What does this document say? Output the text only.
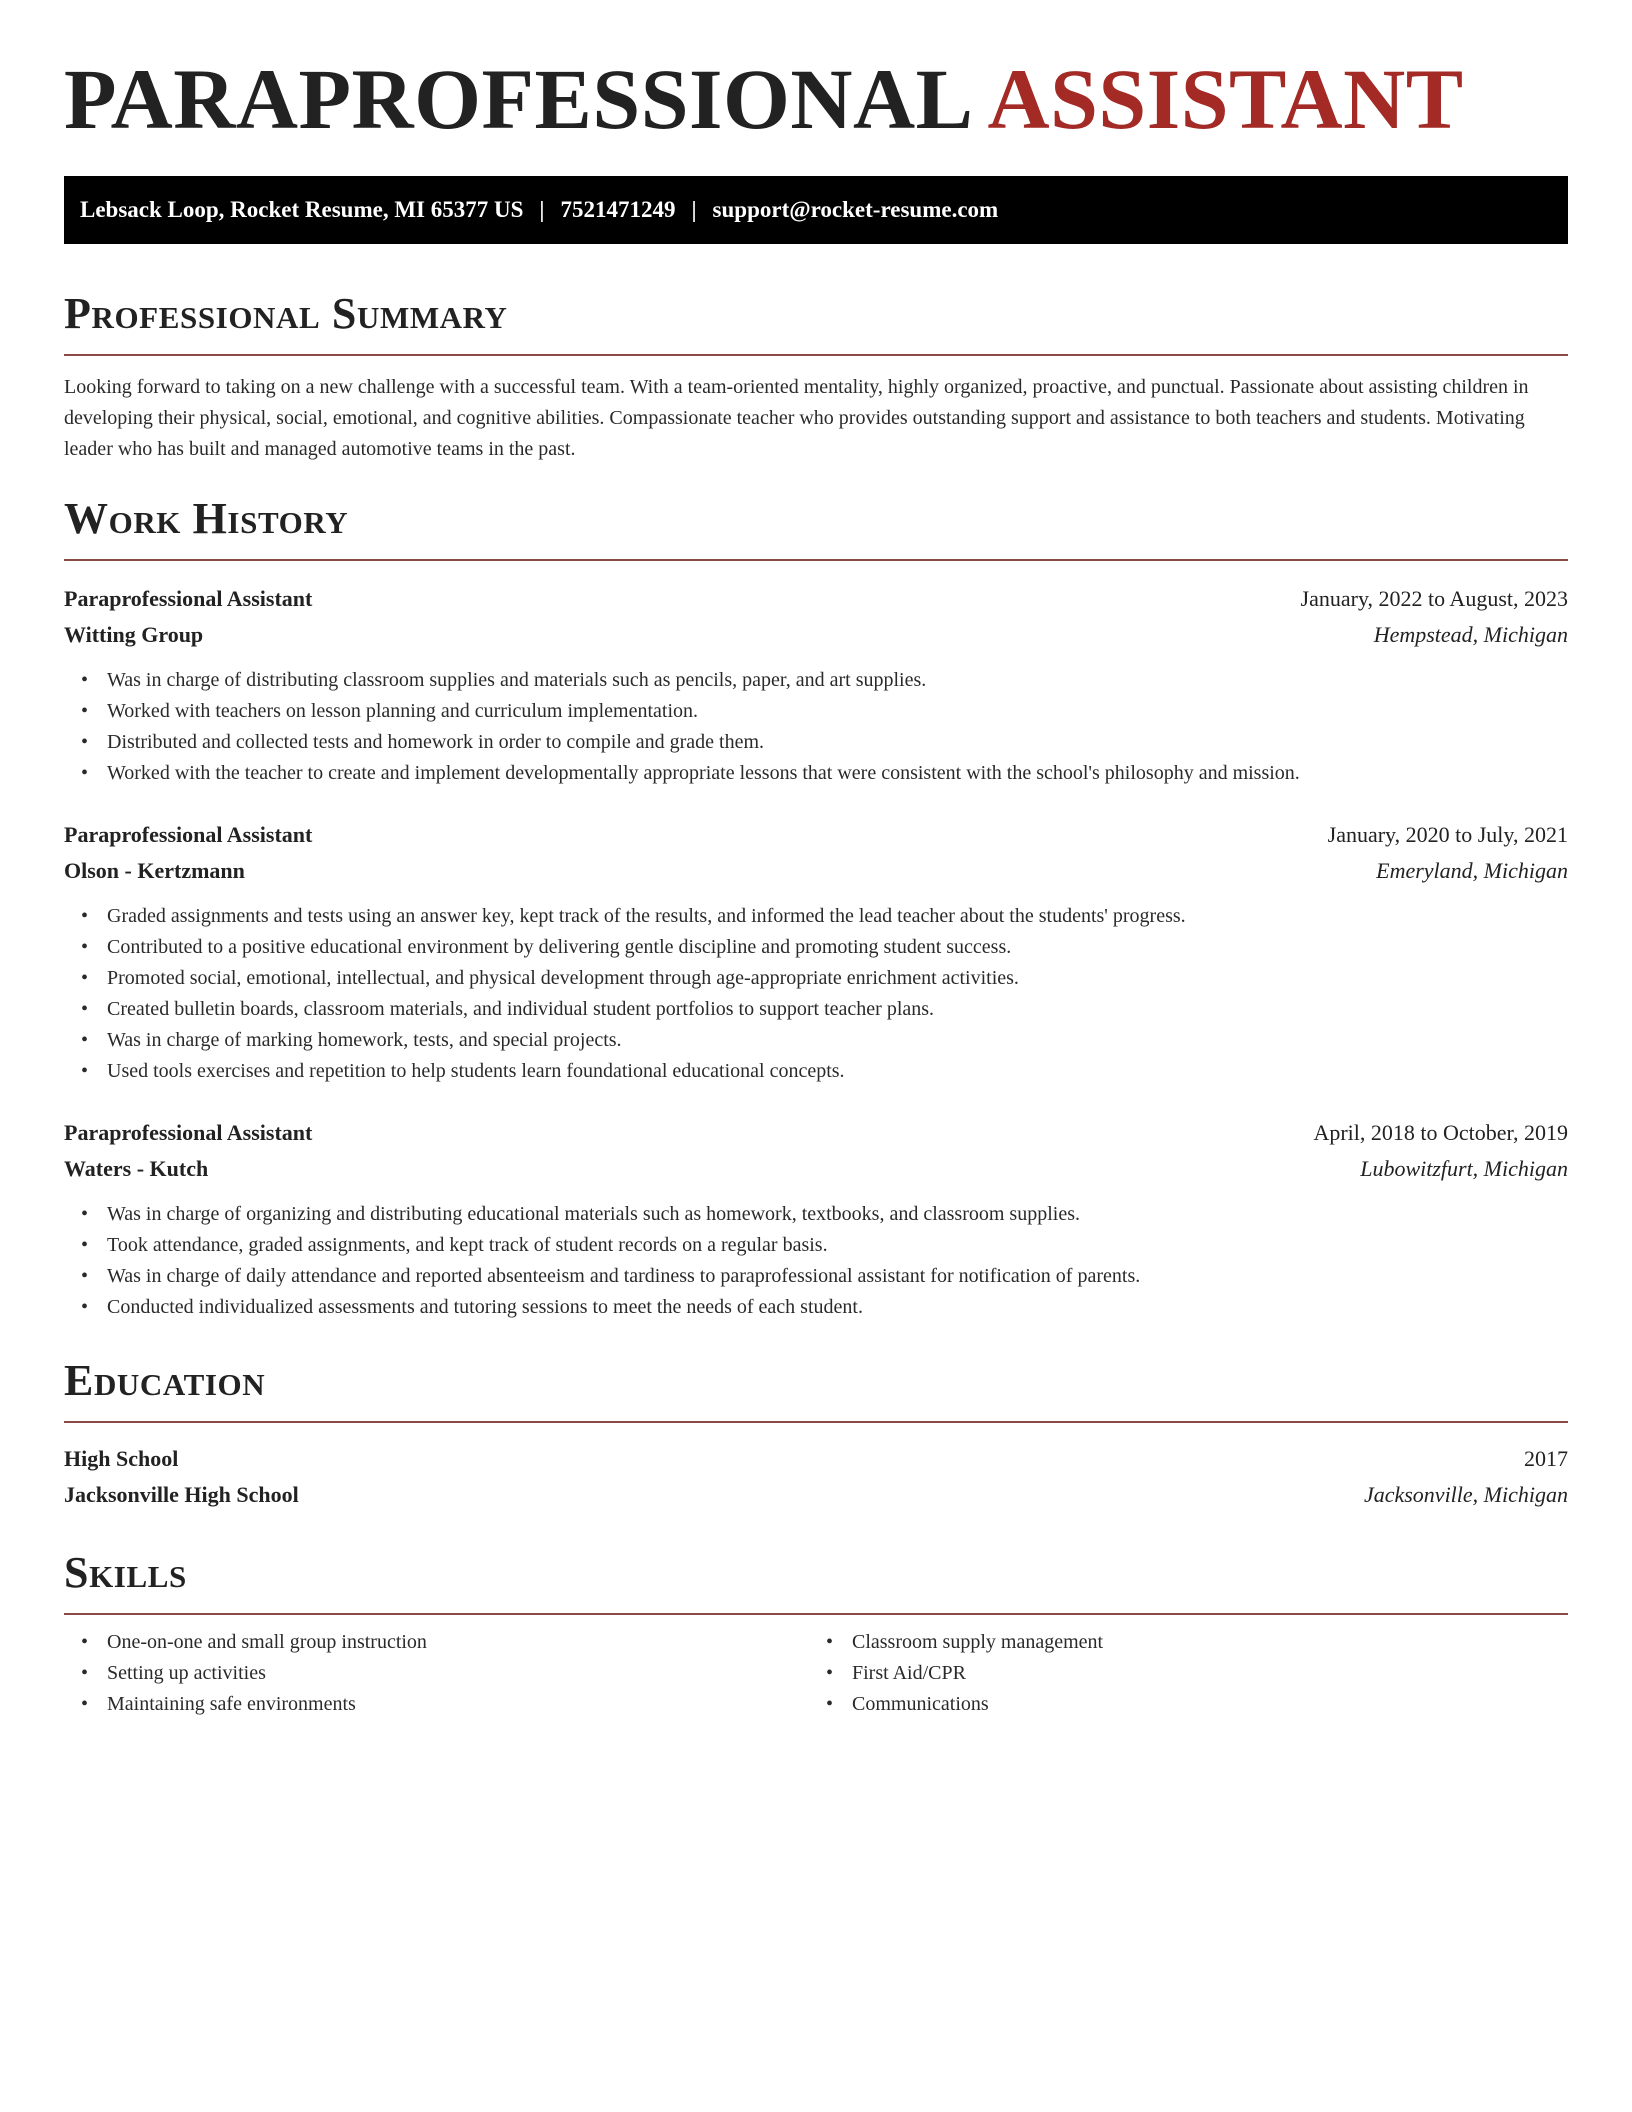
PARAPROFESSIONAL ASSISTANT
Lebsack Loop, Rocket Resume, MI 65377 US | 7521471249 | support@rocket-resume.com
Professional Summary

Looking forward to taking on a new challenge with a successful team. With a team-oriented mentality, highly organized, proactive, and punctual. Passionate about assisting children in developing their physical, social, emotional, and cognitive abilities. Compassionate teacher who provides outstanding support and assistance to both teachers and students. Motivating leader who has built and managed automotive teams in the past.

Work History
Paraprofessional Assistant	January, 2022 to August, 2023
Witting Group	Hempstead, Michigan
• Was in charge of distributing classroom supplies and materials such as pencils, paper, and art supplies.
• Worked with teachers on lesson planning and curriculum implementation.
• Distributed and collected tests and homework in order to compile and grade them.
• Worked with the teacher to create and implement developmentally appropriate lessons that were consistent with the school's philosophy and mission.
Paraprofessional Assistant	January, 2020 to July, 2021
Olson - Kertzmann	Emeryland, Michigan
• Graded assignments and tests using an answer key, kept track of the results, and informed the lead teacher about the students' progress.
• Contributed to a positive educational environment by delivering gentle discipline and promoting student success.
• Promoted social, emotional, intellectual, and physical development through age-appropriate enrichment activities.
• Created bulletin boards, classroom materials, and individual student portfolios to support teacher plans.
• Was in charge of marking homework, tests, and special projects.
• Used tools exercises and repetition to help students learn foundational educational concepts.
Paraprofessional Assistant	April, 2018 to October, 2019
Waters - Kutch	Lubowitzfurt, Michigan
• Was in charge of organizing and distributing educational materials such as homework, textbooks, and classroom supplies.
• Took attendance, graded assignments, and kept track of student records on a regular basis.
• Was in charge of daily attendance and reported absenteeism and tardiness to paraprofessional assistant for notification of parents.
• Conducted individualized assessments and tutoring sessions to meet the needs of each student.
Education
High School	2017
Jacksonville High School	Jacksonville, Michigan
Skills
• One-on-one and small group instruction
• Setting up activities
• Maintaining safe environments
• Classroom supply management
• First Aid/CPR
• Communications
